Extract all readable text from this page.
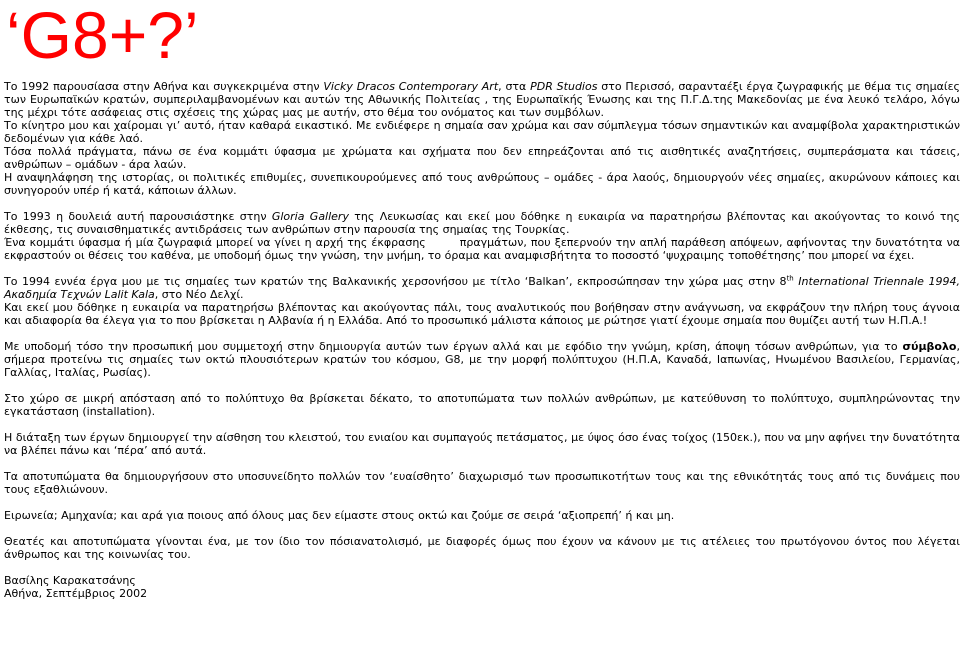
‘G8+?’

Το 1992 παρουσίασα στην Αθήνα και συγκεκριμένα στην Vicky Dracos Contemporary Art, στα PDR Studios στο Περισσό, σαρανταέξι έργα ζωγραφικής με θέμα τις σημαίες των Ευρωπαϊκών κρατών, συμπεριλαμβανομένων και αυτών της Αθωνικής Πολιτείας , της Ευρωπαϊκής Ένωσης και της Π.Γ.Δ.της Μακεδονίας με ένα λευκό τελάρο, λόγω της μέχρι τότε ασάφειας στις σχέσεις της χώρας μας με αυτήν, στο θέμα του ονόματος και των συμβόλων.

Το κίνητρο μου και χαίρομαι γι’ αυτό, ήταν καθαρά εικαστικό. Με ενδιέφερε η σημαία σαν χρώμα και σαν σύμπλεγμα τόσων σημαντικών και αναμφίβολα χαρακτηριστικών δεδομένων για κάθε λαό.

Τόσα πολλά πράγματα, πάνω σε ένα κομμάτι ύφασμα με χρώματα και σχήματα που δεν επηρεάζονται από τις αισθητικές αναζητήσεις, συμπεράσματα και τάσεις, ανθρώπων – ομάδων - άρα λαών.

Η αναψηλάφηση της ιστορίας, οι πολιτικές επιθυμίες, συνεπικουρούμενες από τους ανθρώπους – ομάδες - άρα λαούς, δημιουργούν νέες σημαίες, ακυρώνουν κάποιες και συνηγορούν υπέρ ή κατά, κάποιων άλλων.

Το 1993 η δουλειά αυτή παρουσιάστηκε στην Gloria Gallery της Λευκωσίας και εκεί μου δόθηκε η ευκαιρία να παρατηρήσω βλέποντας και ακούγοντας το κοινό της έκθεσης, τις συναισθηματικές αντιδράσεις των ανθρώπων στην παρουσία της σημαίας της Τουρκίας.

Ένα κομμάτι ύφασμα ή μία ζωγραφιά μπορεί να γίνει η αρχή της έκφρασης	πραγμάτων, που ξεπερνούν την απλή παράθεση απόψεων, αφήνοντας την δυνατότητα να εκφραστούν οι θέσεις του καθένα, με υποδομή όμως την γνώση, την μνήμη, το όραμα και αναμφισβήτητα το ποσοστό ‘ψυχραιμης τοποθέτησης’ που μπορεί να έχει.

Το 1994 εννέα έργα μου με τις σημαίες των κρατών της Βαλκανικής χερσονήσου με τίτλο ‘Balkan’, εκπροσώπησαν την χώρα μας στην 8th International Triennale 1994, Ακαδημία Τεχνών Lalit Kala, στο Νέο Δελχί.

Και εκεί μου δόθηκε η ευκαιρία να παρατηρήσω βλέποντας και ακούγοντας πάλι, τους αναλυτικούς που βοήθησαν στην ανάγνωση, να εκφράζουν την πλήρη τους άγνοια και αδιαφορία θα έλεγα για το που βρίσκεται η Αλβανία ή η Ελλάδα. Από το προσωπικό μάλιστα κάποιος με ρώτησε γιατί έχουμε σημαία που θυμίζει αυτή των Η.Π.Α.!

Με υποδομή τόσο την προσωπική μου συμμετοχή στην δημιουργία αυτών των έργων αλλά και με εφόδιο την γνώμη, κρίση, άποψη τόσων ανθρώπων, για το σύμβολο, σήμερα προτείνω τις σημαίες των οκτώ πλουσιότερων κρατών του κόσμου, G8, με την μορφή πολύπτυχου (Η.Π.Α, Καναδά, Ιαπωνίας, Ηνωμένου Βασιλείου, Γερμανίας, Γαλλίας, Ιταλίας, Ρωσίας).

Στο χώρο σε μικρή απόσταση από το πολύπτυχο θα βρίσκεται δέκατο, το αποτυπώματα των πολλών ανθρώπων, με κατεύθυνση το πολύπτυχο, συμπληρώνοντας την εγκατάσταση (installation).

Η διάταξη των έργων δημιουργεί την αίσθηση του κλειστού, του ενιαίου και συμπαγούς πετάσματος, με ύψος όσο ένας τοίχος (150εκ.), που να μην αφήνει την δυνατότητα να βλέπει πάνω και ‘πέρα’ από αυτά.

Τα αποτυπώματα θα δημιουργήσουν στο υποσυνείδητο πολλών τον ‘ευαίσθητο’ διαχωρισμό των προσωπικοτήτων τους και της εθνικότητάς τους από τις δυνάμεις που τους εξαθλιώνουν.

Ειρωνεία; Αμηχανία; και αρά για ποιους από όλους μας δεν είμαστε στους οκτώ και ζούμε σε σειρά ‘αξιοπρεπή’ ή και μη.

Θεατές και αποτυπώματα γίνονται ένα, με τον ίδιο τον πόσιανατολισμό, με διαφορές όμως που έχουν να κάνουν με τις ατέλειες του πρωτόγονου όντος που λέγεται άνθρωπος και της κοινωνίας του.

Βασίλης Καρακατσάνης

Αθήνα, Σεπτέμβριος 2002
